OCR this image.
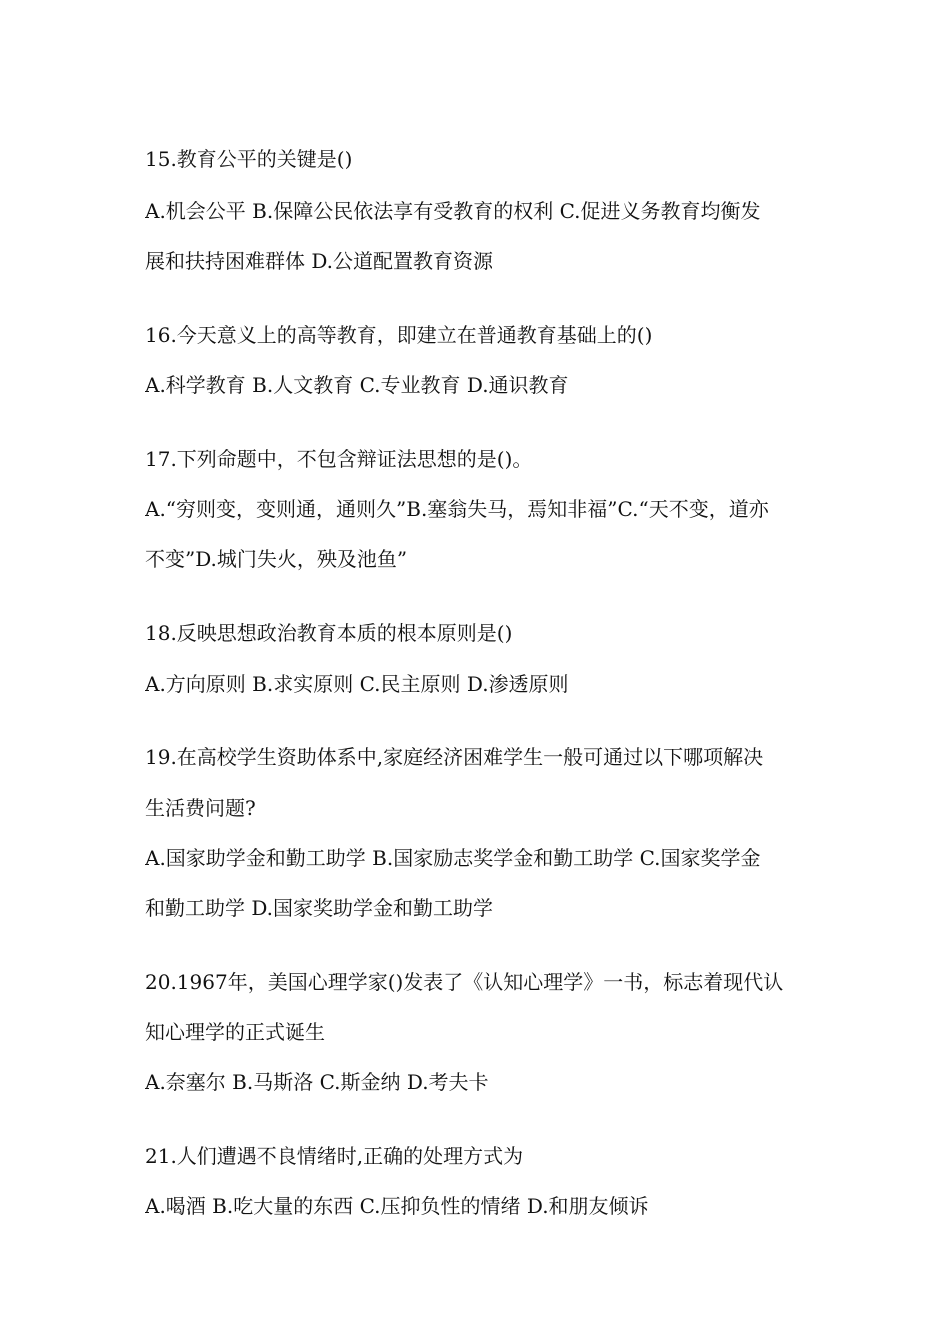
15.教育公平的关键是()
A.机会公平 B.保障公民依法享有受教育的权利 C.促进义务教育均衡发
展和扶持困难群体 D.公道配置教育资源
16.今天意义上的高等教育，即建立在普通教育基础上的()
A.科学教育 B.人文教育 C.专业教育 D.通识教育
17.下列命题中，不包含辩证法思想的是()。
A.“穷则变，变则通，通则久”B.塞翁失马，焉知非福”C.“天不变，道亦
不变”D.城门失火，殃及池鱼”
18.反映思想政治教育本质的根本原则是()
A.方向原则 B.求实原则 C.民主原则 D.渗透原则
19.在高校学生资助体系中,家庭经济困难学生一般可通过以下哪项解决
生活费问题?
A.国家助学金和勤工助学 B.国家励志奖学金和勤工助学 C.国家奖学金
和勤工助学 D.国家奖助学金和勤工助学
20.1967年，美国心理学家()发表了《认知心理学》一书，标志着现代认
知心理学的正式诞生
A.奈塞尔 B.马斯洛 C.斯金纳 D.考夫卡
21.人们遭遇不良情绪时,正确的处理方式为
A.喝酒 B.吃大量的东西 C.压抑负性的情绪 D.和朋友倾诉
